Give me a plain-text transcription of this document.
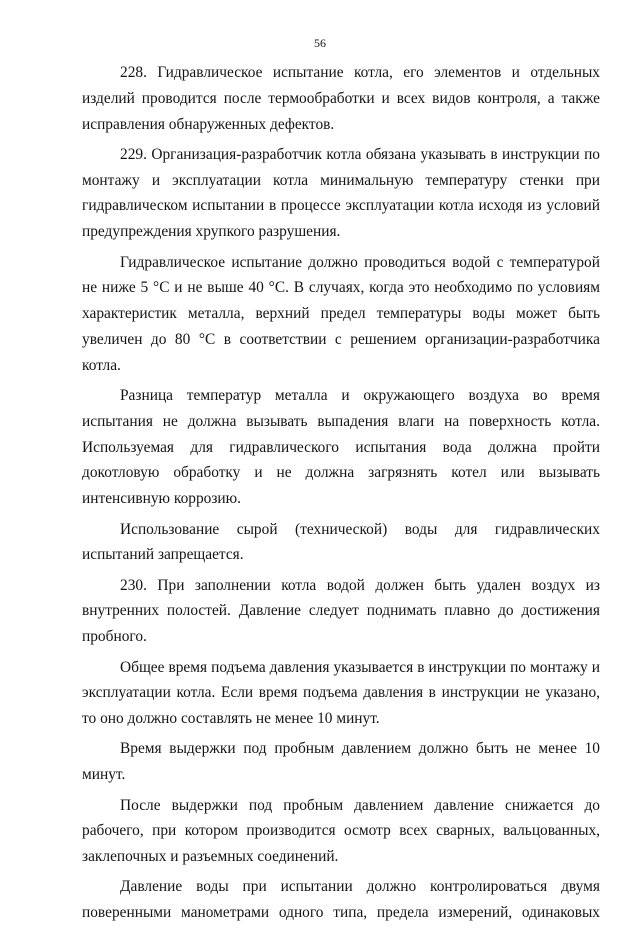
56

228. Гидравлическое испытание котла, его элементов и отдельных изделий проводится после термообработки и всех видов контроля, а также исправления обнаруженных дефектов.

229. Организация-разработчик котла обязана указывать в инструкции по монтажу и эксплуатации котла минимальную температуру стенки при гидравлическом испытании в процессе эксплуатации котла исходя из условий предупреждения хрупкого разрушения.

Гидравлическое испытание должно проводиться водой с температурой не ниже 5 °С и не выше 40 °С. В случаях, когда это необходимо по условиям характеристик металла, верхний предел температуры воды может быть увеличен до 80 °С в соответствии с решением организации-разработчика котла.

Разница температур металла и окружающего воздуха во время испытания не должна вызывать выпадения влаги на поверхность котла. Используемая для гидравлического испытания вода должна пройти докотловую обработку и не должна загрязнять котел или вызывать интенсивную коррозию.

Использование сырой (технической) воды для гидравлических испытаний запрещается.

230. При заполнении котла водой должен быть удален воздух из внутренних полостей. Давление следует поднимать плавно до достижения пробного.

Общее время подъема давления указывается в инструкции по монтажу и эксплуатации котла. Если время подъема давления в инструкции не указано, то оно должно составлять не менее 10 минут.

Время выдержки под пробным давлением должно быть не менее 10 минут.

После выдержки под пробным давлением давление снижается до рабочего, при котором производится осмотр всех сварных, вальцованных, заклепочных и разъемных соединений.

Давление воды при испытании должно контролироваться двумя поверенными манометрами одного типа, предела измерений, одинаковых
